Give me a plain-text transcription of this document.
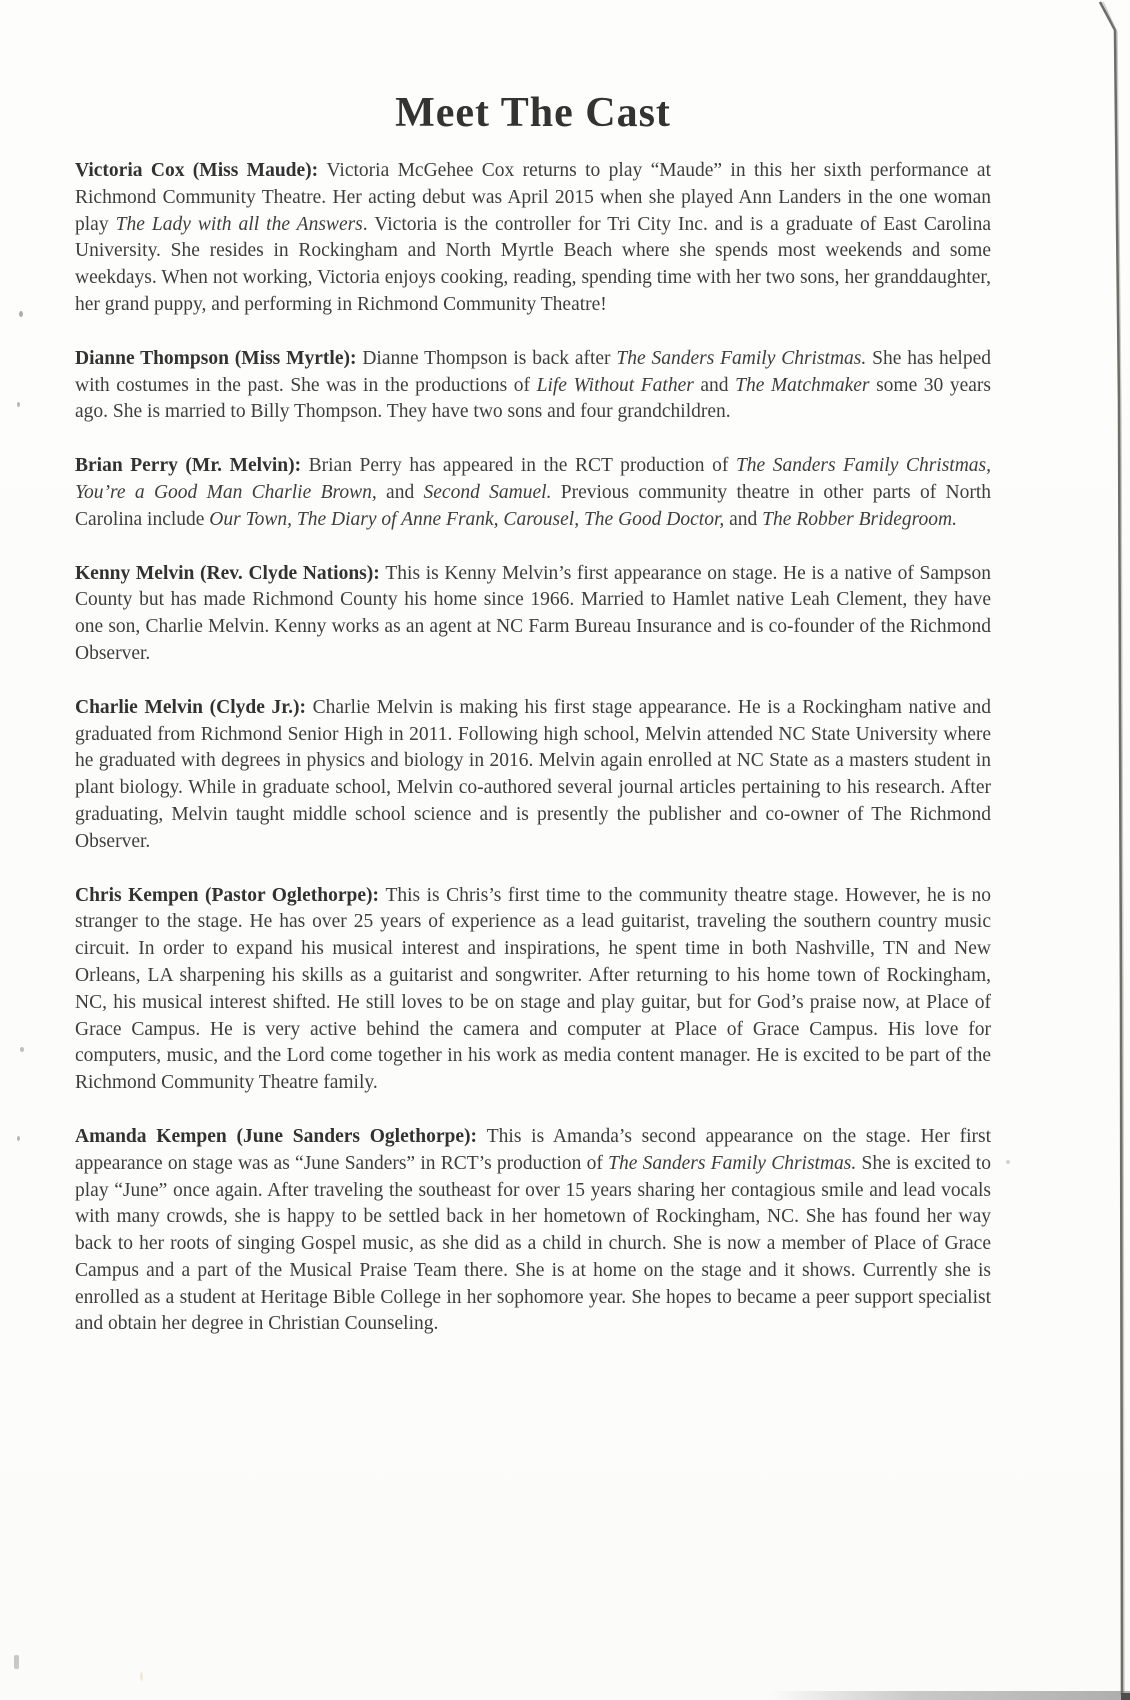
Meet The Cast

Victoria Cox (Miss Maude): Victoria McGehee Cox returns to play “Maude” in this her sixth performance at Richmond Community Theatre. Her acting debut was April 2015 when she played Ann Landers in the one woman play The Lady with all the Answers. Victoria is the controller for Tri City Inc. and is a graduate of East Carolina University. She resides in Rockingham and North Myrtle Beach where she spends most weekends and some weekdays. When not working, Victoria enjoys cooking, reading, spending time with her two sons, her granddaughter, her grand puppy, and performing in Richmond Community Theatre!

Dianne Thompson (Miss Myrtle): Dianne Thompson is back after The Sanders Family Christmas. She has helped with costumes in the past. She was in the productions of Life Without Father and The Matchmaker some 30 years ago. She is married to Billy Thompson. They have two sons and four grandchildren.

Brian Perry (Mr. Melvin): Brian Perry has appeared in the RCT production of The Sanders Family Christmas, You’re a Good Man Charlie Brown, and Second Samuel. Previous community theatre in other parts of North Carolina include Our Town, The Diary of Anne Frank, Carousel, The Good Doctor, and The Robber Bridegroom.

Kenny Melvin (Rev. Clyde Nations): This is Kenny Melvin’s first appearance on stage. He is a native of Sampson County but has made Richmond County his home since 1966. Married to Hamlet native Leah Clement, they have one son, Charlie Melvin. Kenny works as an agent at NC Farm Bureau Insurance and is co-founder of the Richmond Observer.

Charlie Melvin (Clyde Jr.): Charlie Melvin is making his first stage appearance. He is a Rockingham native and graduated from Richmond Senior High in 2011. Following high school, Melvin attended NC State University where he graduated with degrees in physics and biology in 2016. Melvin again enrolled at NC State as a masters student in plant biology. While in graduate school, Melvin co-authored several journal articles pertaining to his research. After graduating, Melvin taught middle school science and is presently the publisher and co-owner of The Richmond Observer.

Chris Kempen (Pastor Oglethorpe): This is Chris’s first time to the community theatre stage. However, he is no stranger to the stage. He has over 25 years of experience as a lead guitarist, traveling the southern country music circuit. In order to expand his musical interest and inspirations, he spent time in both Nashville, TN and New Orleans, LA sharpening his skills as a guitarist and songwriter. After returning to his home town of Rockingham, NC, his musical interest shifted. He still loves to be on stage and play guitar, but for God’s praise now, at Place of Grace Campus. He is very active behind the camera and computer at Place of Grace Campus. His love for computers, music, and the Lord come together in his work as media content manager. He is excited to be part of the Richmond Community Theatre family.

Amanda Kempen (June Sanders Oglethorpe): This is Amanda’s second appearance on the stage. Her first appearance on stage was as “June Sanders” in RCT’s production of The Sanders Family Christmas. She is excited to play “June” once again. After traveling the southeast for over 15 years sharing her contagious smile and lead vocals with many crowds, she is happy to be settled back in her hometown of Rockingham, NC. She has found her way back to her roots of singing Gospel music, as she did as a child in church. She is now a member of Place of Grace Campus and a part of the Musical Praise Team there. She is at home on the stage and it shows. Currently she is enrolled as a student at Heritage Bible College in her sophomore year. She hopes to became a peer support specialist and obtain her degree in Christian Counseling.
